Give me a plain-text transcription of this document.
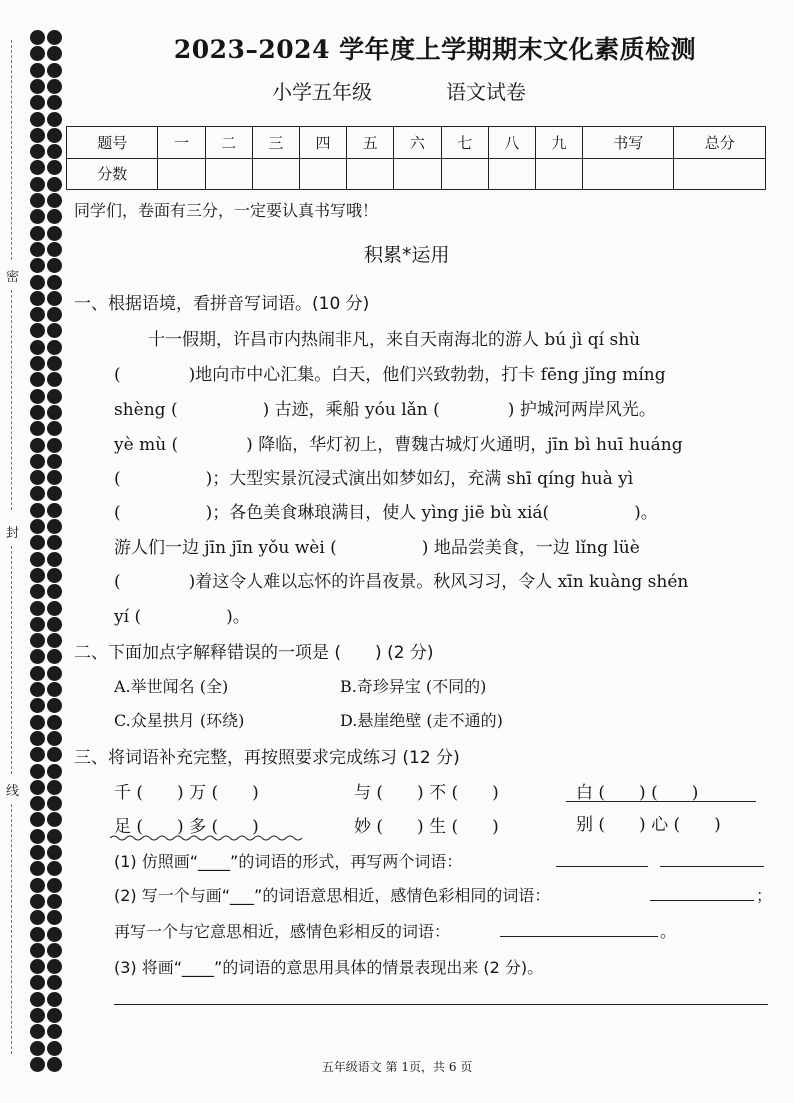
密
封
线
2023–2024 学年度上学期期末文化素质检测
小学五年级	语文试卷
题号	一	二	三	四	五	六	七	八	九	书写	总分
分数											
同学们，卷面有三分，一定要认真书写哦！
积累*运用
一、根据语境，看拼音写词语。(10 分)
十一假期，许昌市内热闹非凡，来自天南海北的游人 bú jì qí shù
(　　　　)地向市中心汇集。白天，他们兴致勃勃，打卡 fēng jǐng míng
shèng (　　　　　) 古迹，乘船 yóu lǎn (　　　　) 护城河两岸风光。
yè mù (　　　　) 降临，华灯初上，曹魏古城灯火通明，jīn bì huī huáng
(　　　　　)；大型实景沉浸式演出如梦如幻，充满 shī qíng huà yì
(　　　　　)；各色美食琳琅满目，使人 yìng jiē bù xiá(　　　　　)。
游人们一边 jīn jīn yǒu wèi (　　　　　) 地品尝美食，一边 lǐng lüè
(　　　　)着这令人难以忘怀的许昌夜景。秋风习习，令人 xīn kuàng shén
yí (　　　　　)。
二、下面加点字解释错误的一项是 (　　) (2 分)
A.举世闻名 (全)	B.奇珍异宝 (不同的)
C.众星拱月 (环绕)	D.悬崖绝壁 (走不通的)
三、将词语补充完整，再按照要求完成练习 (12 分)
千 (　　) 万 (　　)	与 (　　) 不 (　　)	白 (　　) (　　)
足 (　　) 多 (　　)	妙 (　　) 生 (　　)	别 (　　) 心 (　　)
(1) 仿照画“____”的词语的形式，再写两个词语：
(2) 写一个与画“___”的词语意思相近，感情色彩相同的词语：	；
再写一个与它意思相近，感情色彩相反的词语：	。
(3) 将画“____”的词语的意思用具体的情景表现出来 (2 分)。
五年级语文 第 1页，共 6 页
